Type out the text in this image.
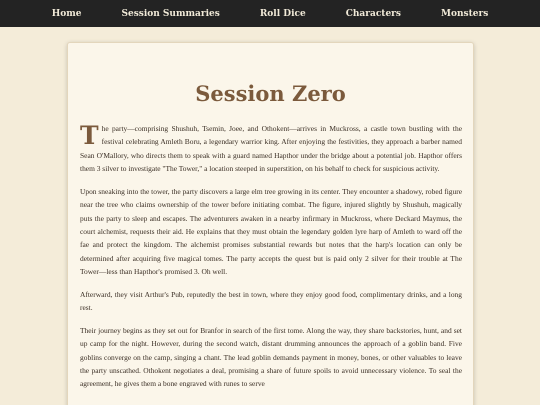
Home	Session Summaries	Roll Dice	Characters	Monsters
Session Zero

The party—comprising Shushuh, Tsemin, Joee, and Othokent—arrives in Muckross, a castle town bustling with the festival celebrating Amleth Boru, a legendary warrior king. After enjoying the festivities, they approach a barber named Sean O'Mallory, who directs them to speak with a guard named Hapthor under the bridge about a potential job. Hapthor offers them 3 silver to investigate "The Tower," a location steeped in superstition, on his behalf to check for suspicious activity.

Upon sneaking into the tower, the party discovers a large elm tree growing in its center. They encounter a shadowy, robed figure near the tree who claims ownership of the tower before initiating combat. The figure, injured slightly by Shushuh, magically puts the party to sleep and escapes. The adventurers awaken in a nearby infirmary in Muckross, where Deckard Maymus, the court alchemist, requests their aid. He explains that they must obtain the legendary golden lyre harp of Amleth to ward off the fae and protect the kingdom. The alchemist promises substantial rewards but notes that the harp's location can only be determined after acquiring five magical tomes. The party accepts the quest but is paid only 2 silver for their trouble at The Tower—less than Hapthor's promised 3. Oh well.

Afterward, they visit Arthur's Pub, reputedly the best in town, where they enjoy good food, complimentary drinks, and a long rest.

Their journey begins as they set out for Branfor in search of the first tome. Along the way, they share backstories, hunt, and set up camp for the night. However, during the second watch, distant drumming announces the approach of a goblin band. Five goblins converge on the camp, singing a chant. The lead goblin demands payment in money, bones, or other valuables to leave the party unscathed. Othokent negotiates a deal, promising a share of future spoils to avoid unnecessary violence. To seal the agreement, he gives them a bone engraved with runes to serve
